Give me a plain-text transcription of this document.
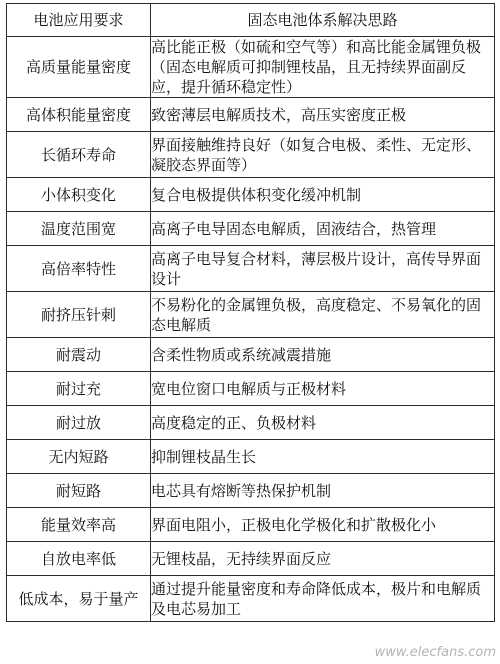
电池应用要求	固态电池体系解决思路
高质量能量密度	高比能正极（如硫和空气等）和高比能金属锂负极（固态电解质可抑制锂枝晶，且无持续界面副反应，提升循环稳定性）
高体积能量密度	致密薄层电解质技术，高压实密度正极
长循环寿命	界面接触维持良好（如复合电极、柔性、无定形、凝胶态界面等）
小体积变化	复合电极提供体积变化缓冲机制
温度范围宽	高离子电导固态电解质，固液结合，热管理
高倍率特性	高离子电导复合材料，薄层极片设计，高传导界面设计
耐挤压针刺	不易粉化的金属锂负极，高度稳定、不易氧化的固态电解质
耐震动	含柔性物质或系统减震措施
耐过充	宽电位窗口电解质与正极材料
耐过放	高度稳定的正、负极材料
无内短路	抑制锂枝晶生长
耐短路	电芯具有熔断等热保护机制
能量效率高	界面电阻小，正极电化学极化和扩散极化小
自放电率低	无锂枝晶，无持续界面反应
低成本，易于量产	通过提升能量密度和寿命降低成本，极片和电解质及电芯易加工
www.elecfans.com
